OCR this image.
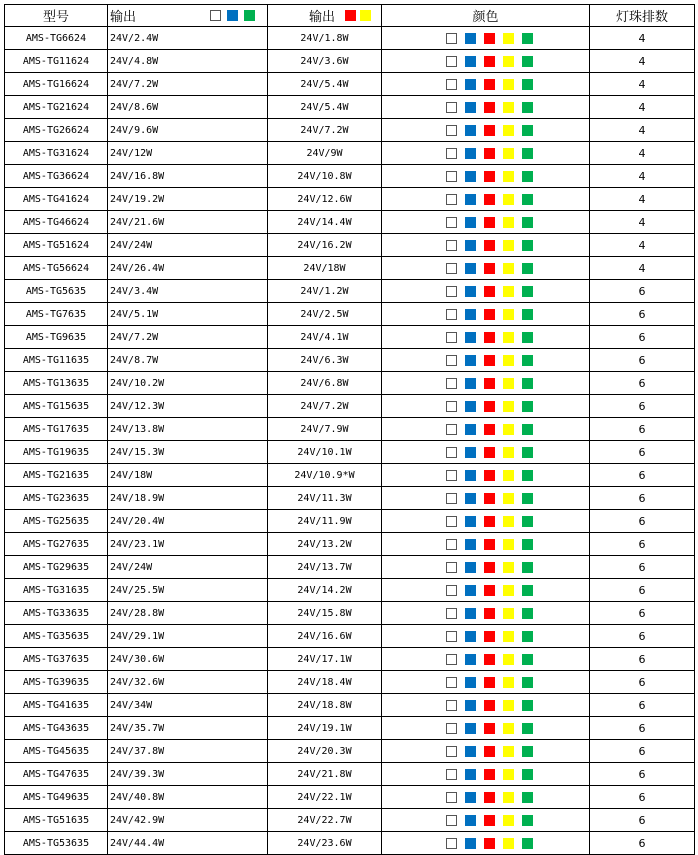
型号	输出	输出	颜色	灯珠排数
AMS-TG6624	24V/2.4W	24V/1.8W		4
AMS-TG11624	24V/4.8W	24V/3.6W		4
AMS-TG16624	24V/7.2W	24V/5.4W		4
AMS-TG21624	24V/8.6W	24V/5.4W		4
AMS-TG26624	24V/9.6W	24V/7.2W		4
AMS-TG31624	24V/12W	24V/9W		4
AMS-TG36624	24V/16.8W	24V/10.8W		4
AMS-TG41624	24V/19.2W	24V/12.6W		4
AMS-TG46624	24V/21.6W	24V/14.4W		4
AMS-TG51624	24V/24W	24V/16.2W		4
AMS-TG56624	24V/26.4W	24V/18W		4
AMS-TG5635	24V/3.4W	24V/1.2W		6
AMS-TG7635	24V/5.1W	24V/2.5W		6
AMS-TG9635	24V/7.2W	24V/4.1W		6
AMS-TG11635	24V/8.7W	24V/6.3W		6
AMS-TG13635	24V/10.2W	24V/6.8W		6
AMS-TG15635	24V/12.3W	24V/7.2W		6
AMS-TG17635	24V/13.8W	24V/7.9W		6
AMS-TG19635	24V/15.3W	24V/10.1W		6
AMS-TG21635	24V/18W	24V/10.9*W		6
AMS-TG23635	24V/18.9W	24V/11.3W		6
AMS-TG25635	24V/20.4W	24V/11.9W		6
AMS-TG27635	24V/23.1W	24V/13.2W		6
AMS-TG29635	24V/24W	24V/13.7W		6
AMS-TG31635	24V/25.5W	24V/14.2W		6
AMS-TG33635	24V/28.8W	24V/15.8W		6
AMS-TG35635	24V/29.1W	24V/16.6W		6
AMS-TG37635	24V/30.6W	24V/17.1W		6
AMS-TG39635	24V/32.6W	24V/18.4W		6
AMS-TG41635	24V/34W	24V/18.8W		6
AMS-TG43635	24V/35.7W	24V/19.1W		6
AMS-TG45635	24V/37.8W	24V/20.3W		6
AMS-TG47635	24V/39.3W	24V/21.8W		6
AMS-TG49635	24V/40.8W	24V/22.1W		6
AMS-TG51635	24V/42.9W	24V/22.7W		6
AMS-TG53635	24V/44.4W	24V/23.6W		6
